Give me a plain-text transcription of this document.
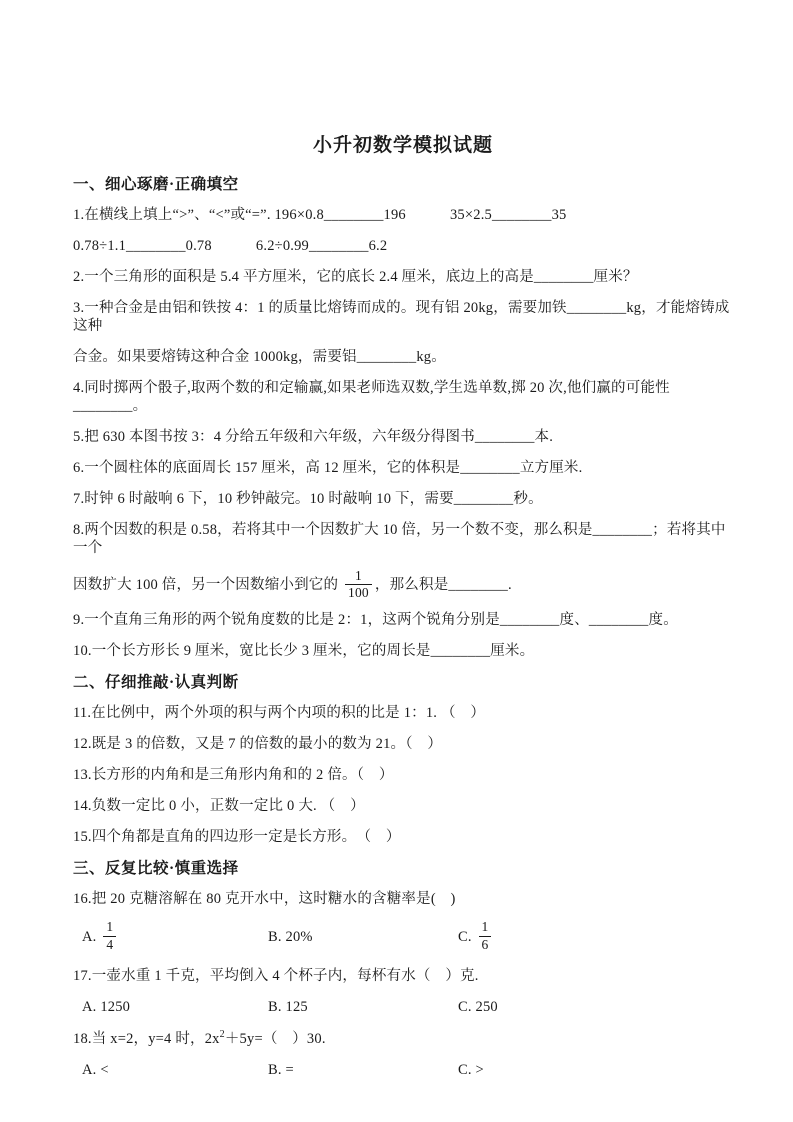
小升初数学模拟试题
一、细心琢磨·正确填空
1.在横线上填上“>”、“<”或“=”. 196×0.8________196　　　35×2.5________35
0.78÷1.1________0.78　　　6.2÷0.99________6.2
2.一个三角形的面积是 5.4 平方厘米，它的底长 2.4 厘米，底边上的高是________厘米？
3.一种合金是由铝和铁按 4：1 的质量比熔铸而成的。现有铝 20kg，需要加铁________kg，才能熔铸成这种
合金。如果要熔铸这种合金 1000kg，需要铝________kg。
4.同时掷两个骰子,取两个数的和定输赢,如果老师选双数,学生选单数,掷 20 次,他们赢的可能性________。
5.把 630 本图书按 3：4 分给五年级和六年级，六年级分得图书________本.
6.一个圆柱体的底面周长 157 厘米，高 12 厘米，它的体积是________立方厘米.
7.时钟 6 时敲响 6 下，10 秒钟敲完。10 时敲响 10 下，需要________秒。
8.两个因数的积是 0.58，若将其中一个因数扩大 10 倍，另一个数不变，那么积是________；若将其中一个
因数扩大 100 倍，另一个因数缩小到它的 $\frac{1}{100}$ ，那么积是________.
9.一个直角三角形的两个锐角度数的比是 2：1，这两个锐角分别是________度、________度。
10.一个长方形长 9 厘米，宽比长少 3 厘米，它的周长是________厘米。
二、仔细推敲·认真判断
11.在比例中，两个外项的积与两个内项的积的比是 1：1. （　）
12.既是 3 的倍数，又是 7 的倍数的最小的数为 21。（　）
13.长方形的内角和是三角形内角和的 2 倍。（　）
14.负数一定比 0 小，正数一定比 0 大. （　）
15.四个角都是直角的四边形一定是长方形。　（　）
三、反复比较·慎重选择
16.把 20 克糖溶解在 80 克开水中，这时糖水的含糖率是(　)
A. $\frac{1}{4}$	B. 20%	C. $\frac{1}{6}$
17.一壶水重 1 千克，平均倒入 4 个杯子内，每杯有水（　）克.
A. 1250	B. 125	C. 250
18.当 x=2，y=4 时，$2x^2+5y=$（　）30.
A. <	B. =	C. >
